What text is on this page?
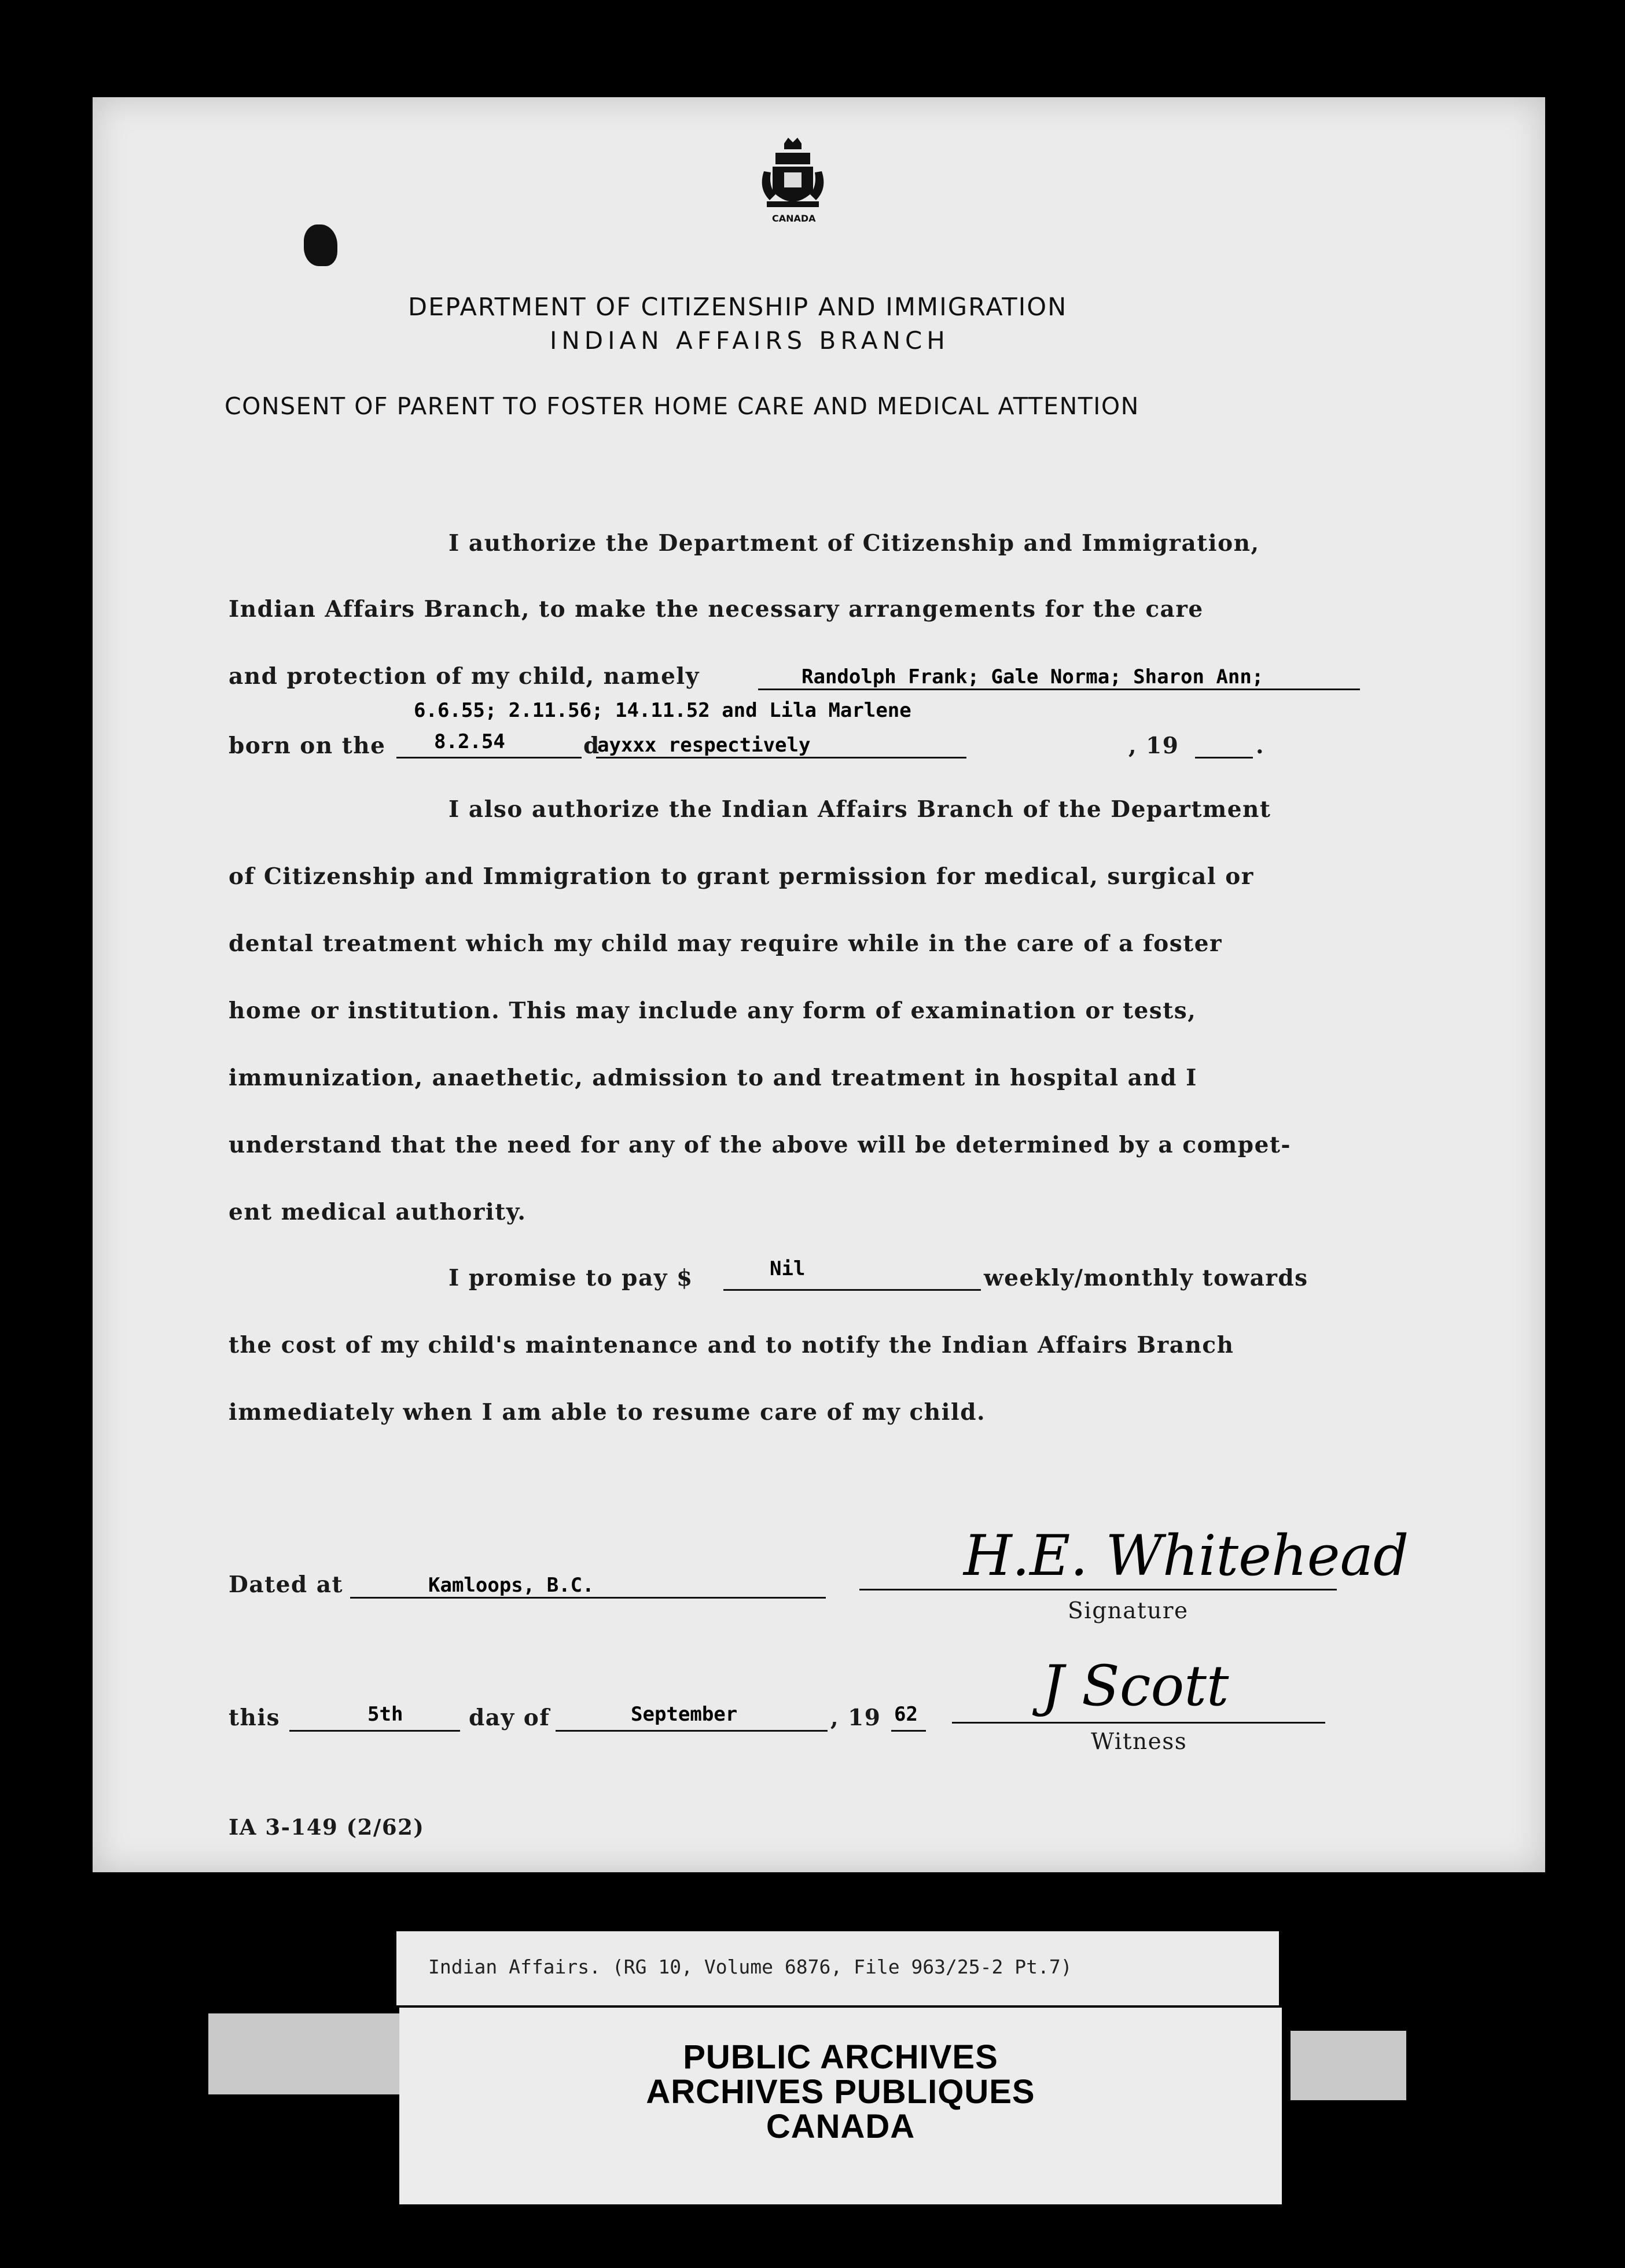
CANADA
DEPARTMENT OF CITIZENSHIP AND IMMIGRATION
INDIAN AFFAIRS BRANCH
CONSENT OF PARENT TO FOSTER HOME CARE AND MEDICAL ATTENTION
I authorize the Department of Citizenship and Immigration,
Indian Affairs Branch, to make the necessary arrangements for the care
and protection of my child, namely	Randolph Frank; Gale Norma; Sharon Ann;
6.6.55; 2.11.56; 14.11.52 and Lila Marlene
born on the 8.2.54	d
ayxxx respectively	, 19	.
I also authorize the Indian Affairs Branch of the Department
of Citizenship and Immigration to grant permission for medical, surgical or
dental treatment which my child may require while in the care of a foster
home or institution. This may include any form of examination or tests,
immunization, anaethetic, admission to and treatment in hospital and I
understand that the need for any of the above will be determined by a compet-
ent medical authority.
I promise to pay $	Nil	weekly/monthly towards
the cost of my child's maintenance and to notify the Indian Affairs Branch
immediately when I am able to resume care of my child.
Dated at	Kamloops, B.C.	H.E. Whitehead
Signature
this	5th	day of	September	, 19 62 J Scott
Witness
IA 3-149 (2/62)
Indian Affairs. (RG 10, Volume 6876, File 963/25-2 Pt.7)
PUBLIC ARCHIVES
ARCHIVES PUBLIQUES
CANADA
